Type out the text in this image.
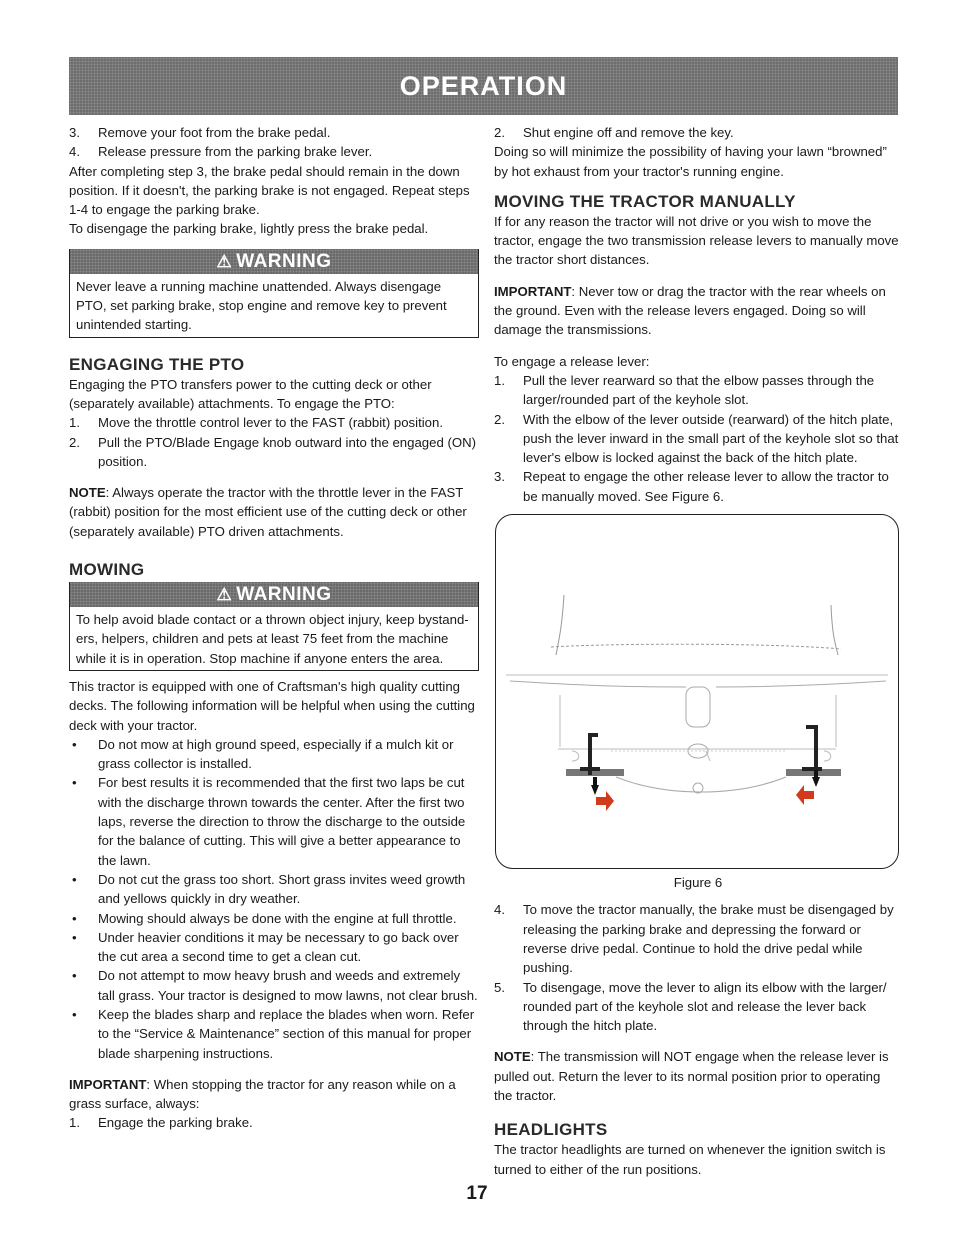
OPERATION
3.	Remove your foot from the brake pedal.
4.	Release pressure from the parking brake lever.

After completing step 3, the brake pedal should remain in the down position. If it doesn't, the parking brake is not engaged. Repeat steps 1-4 to engage the parking brake.

To disengage the parking brake, lightly press the brake pedal.

⚠ WARNING
Never leave a running machine unattended. Always disengage PTO, set parking brake, stop engine and remove key to prevent unintended starting.
ENGAGING THE PTO

Engaging the PTO transfers power to the cutting deck or other (separately available) attachments. To engage the PTO:

1.	Move the throttle control lever to the FAST (rabbit) position.
2.	Pull the PTO/Blade Engage knob outward into the engaged (ON) position.

NOTE: Always operate the tractor with the throttle lever in the FAST (rabbit) position for the most efficient use of the cutting deck or other (separately available) PTO driven attachments.

MOWING
⚠ WARNING
To help avoid blade contact or a thrown object injury, keep bystanders, helpers, children and pets at least 75 feet from the machine while it is in operation. Stop machine if anyone enters the area.

This tractor is equipped with one of Craftsman's high quality cutting decks. The following information will be helpful when using the cutting deck with your tractor.

•	Do not mow at high ground speed, especially if a mulch kit or grass collector is installed.
•	For best results it is recommended that the first two laps be cut with the discharge thrown towards the center. After the first two laps, reverse the direction to throw the discharge to the outside for the balance of cutting. This will give a better appearance to the lawn.
•	Do not cut the grass too short. Short grass invites weed growth and yellows quickly in dry weather.
•	Mowing should always be done with the engine at full throttle.
•	Under heavier conditions it may be necessary to go back over the cut area a second time to get a clean cut.
•	Do not attempt to mow heavy brush and weeds and extremely tall grass. Your tractor is designed to mow lawns, not clear brush.
•	Keep the blades sharp and replace the blades when worn. Refer to the “Service & Maintenance” section of this manual for proper blade sharpening instructions.

IMPORTANT: When stopping the tractor for any reason while on a grass surface, always:

1.	Engage the parking brake.
2.	Shut engine off and remove the key.

Doing so will minimize the possibility of having your lawn “browned” by hot exhaust from your tractor's running engine.

MOVING THE TRACTOR MANUALLY

If for any reason the tractor will not drive or you wish to move the tractor, engage the two transmission release levers to manually move the tractor short distances.

IMPORTANT: Never tow or drag the tractor with the rear wheels on the ground. Even with the release levers engaged. Doing so will damage the transmissions.

To engage a release lever:

1.	Pull the lever rearward so that the elbow passes through the larger/rounded part of the keyhole slot.
2.	With the elbow of the lever outside (rearward) of the hitch plate, push the lever inward in the small part of the keyhole slot so that lever's elbow is locked against the back of the hitch plate.
3.	Repeat to engage the other release lever to allow the tractor to be manually moved. See Figure 6.

Figure 6

4.	To move the tractor manually, the brake must be disengaged by releasing the parking brake and depressing the forward or reverse drive pedal. Continue to hold the drive pedal while pushing.
5.	To disengage, move the lever to align its elbow with the larger/ rounded part of the keyhole slot and release the lever back through the hitch plate.

NOTE: The transmission will NOT engage when the release lever is pulled out. Return the lever to its normal position prior to operating the tractor.

HEADLIGHTS

The tractor headlights are turned on whenever the ignition switch is turned to either of the run positions.

17
